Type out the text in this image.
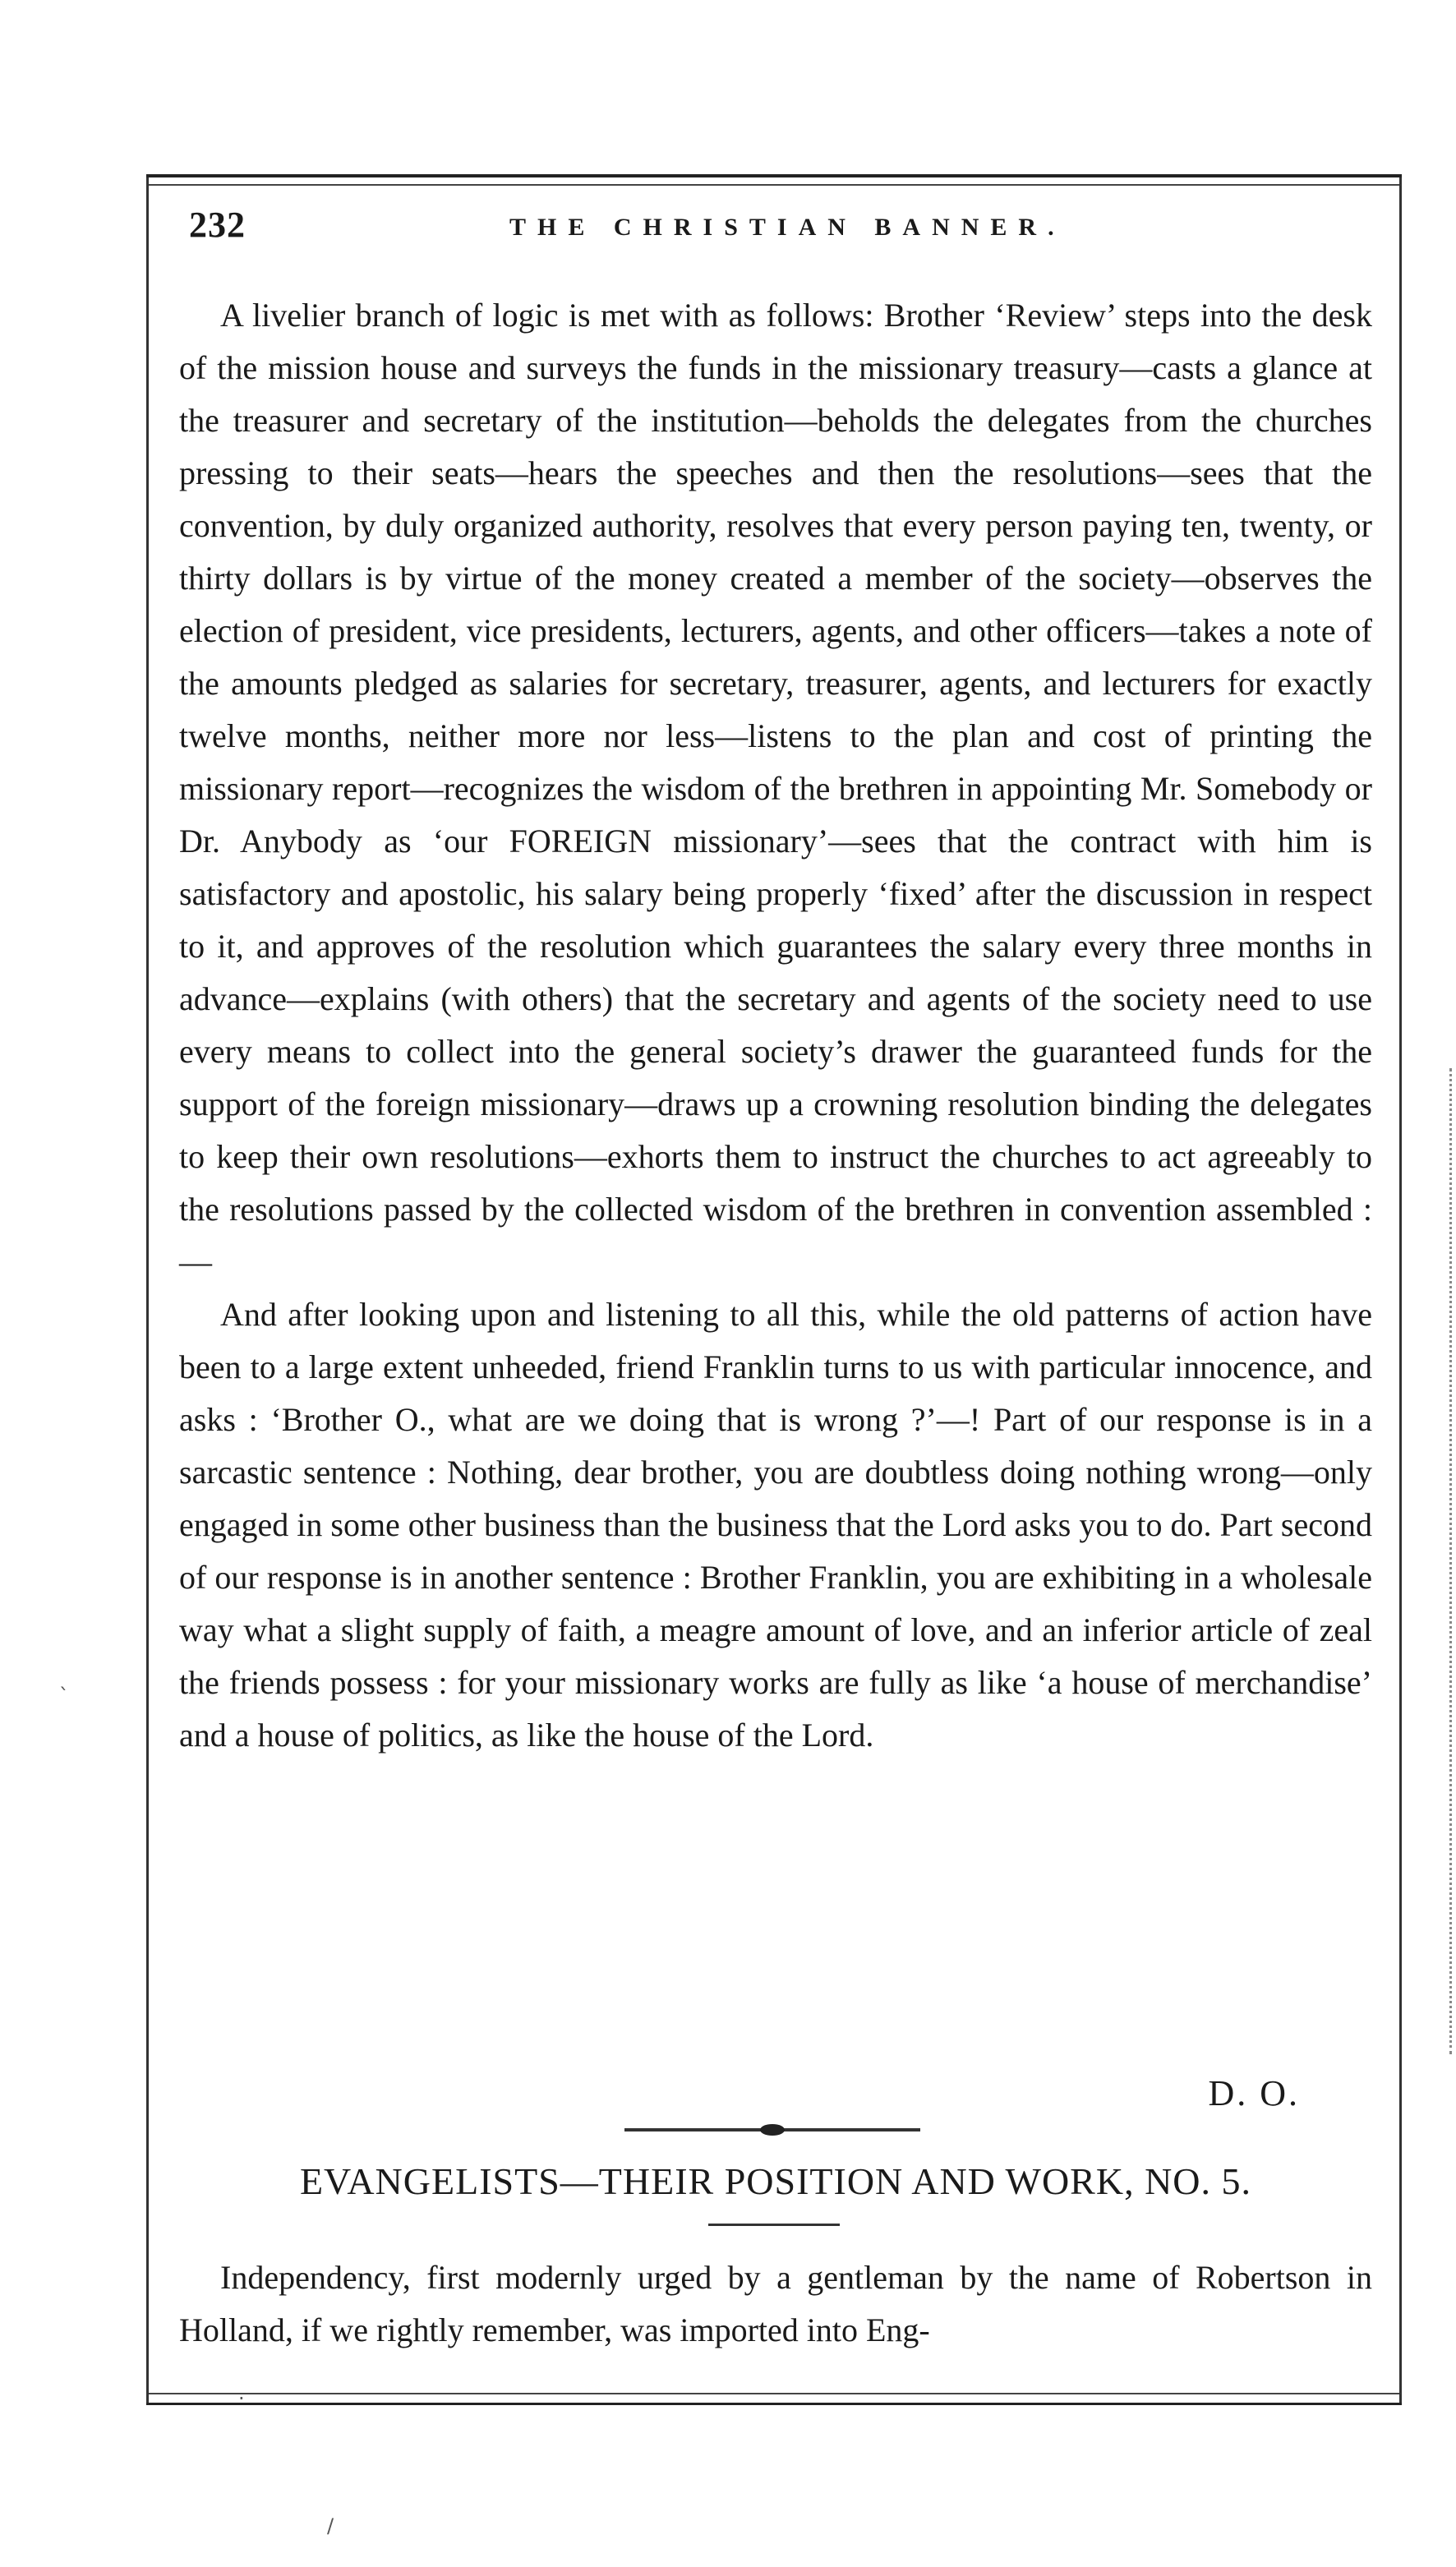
232	THE CHRISTIAN BANNER.

A livelier branch of logic is met with as follows: Brother ‘Review’ steps into the desk of the mission house and surveys the funds in the missionary treasury—casts a glance at the treasurer and secretary of the institution—beholds the delegates from the churches pressing to their seats—hears the speeches and then the resolutions—sees that the convention, by duly organized authority, resolves that every person paying ten, twenty, or thirty dollars is by virtue of the money created a member of the society—observes the election of president, vice presidents, lecturers, agents, and other officers—takes a note of the amounts pledged as salaries for secretary, treasurer, agents, and lecturers for exactly twelve months, neither more nor less—listens to the plan and cost of printing the missionary report—recognizes the wisdom of the brethren in appointing Mr. Somebody or Dr. Anybody as ‘our FOREIGN missionary’—sees that the contract with him is satisfactory and apostolic, his salary being properly ‘fixed’ after the discussion in respect to it, and approves of the resolution which guarantees the salary every three months in advance—explains (with others) that the secretary and agents of the society need to use every means to collect into the general society’s drawer the guaranteed funds for the support of the foreign missionary—draws up a crowning resolution binding the delegates to keep their own resolutions—exhorts them to instruct the churches to act agreeably to the resolutions passed by the collected wisdom of the brethren in convention assembled :—

And after looking upon and listening to all this, while the old patterns of action have been to a large extent unheeded, friend Franklin turns to us with particular innocence, and asks : ‘Brother O., what are we doing that is wrong ?’—! Part of our response is in a sarcastic sentence : Nothing, dear brother, you are doubtless doing nothing wrong—only engaged in some other business than the business that the Lord asks you to do. Part second of our response is in another sentence : Brother Franklin, you are exhibiting in a wholesale way what a slight supply of faith, a meagre amount of love, and an inferior article of zeal the friends possess : for your missionary works are fully as like ‘a house of merchandise’ and a house of politics, as like the house of the Lord.

D. O.
EVANGELISTS—THEIR POSITION AND WORK, NO. 5.

Independency, first modernly urged by a gentleman by the name of Robertson in Holland, if we rightly remember, was imported into Eng-

`
·
/
